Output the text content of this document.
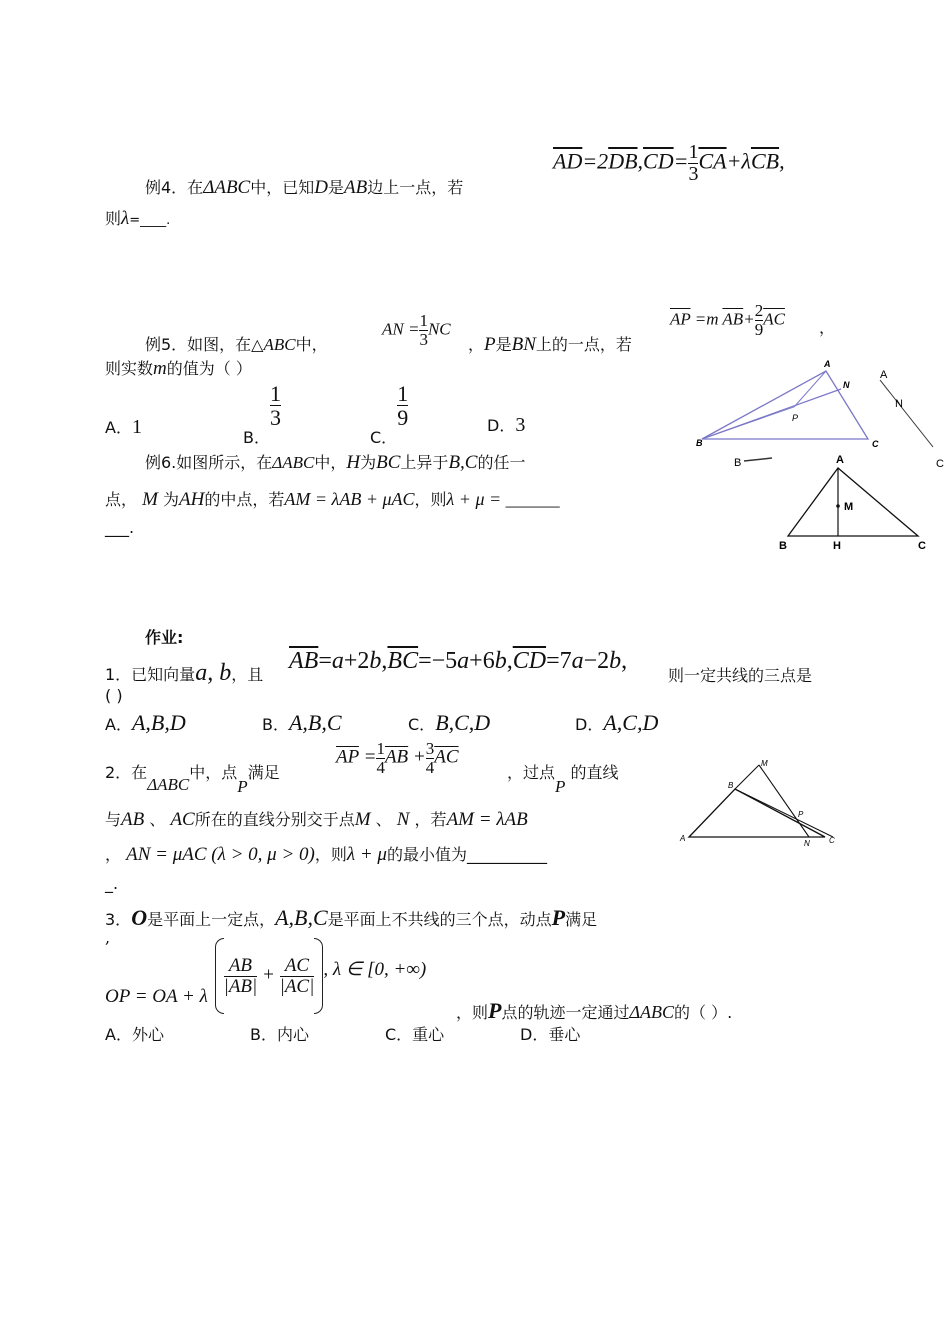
$\overline{AD}=2\overline{DB},\overline{CD}= \frac{1}{3} \overline{CA}+\lambda\overline{CB}$,
例4．在ΔABC中，已知D是AB边上一点，若
则λ=____.
AN = $\frac{1}{3}$ NC
$\overline{AP} =m$ $\overline{AB}+ \frac{2}{9} \overline{AC}$ ，
例5．如图，在△ABC中，	，P是BN上的一点，若
则实数m的值为（ ）
A．1	B．
$\frac{1}{3}$
C．
$\frac{1}{9}$	D．3
例6.如图所示，在ΔABC中，H为BC上异于B,C的任一
点， M 为AH的中点，若AM = λAB + μAC，则λ + μ = ______
___.
作业:
1．已知向量a, b，且
$\overline{AB}=a+2b,\overline{BC}=-5a+6b,\overline{CD}=7a-2b$,
则一定共线的三点是
( )
A．A,B,D	B．A,B,C	C．B,C,D	D．A,C,D
2．在ΔABC中，点P满足
$\overline{AP} = \frac{1}{4} \overline{AB} + \frac{3}{4} \overline{AC}$
，过点P 的直线
与AB 、 AC所在的直线分别交于点M 、 N ，若AM = λAB
， AN = μAC (λ > 0, μ > 0)，则λ + μ的最小值为__________
_.
3．O是平面上一定点，A,B,C是平面上不共线的三个点，动点P满足
,
OP = OA + λ
$\frac{AB}{|AB|} + \frac{AC}{|AC|}$ , λ ∈ [0, +∞)
，则P点的轨迹一定通过ΔABC的（ ）.
A．外心	B．内心	C．重心	D．垂心
A
N
P
B	C
A
N
B	C
A
M
B	H	C
M
B
P
A
N C
